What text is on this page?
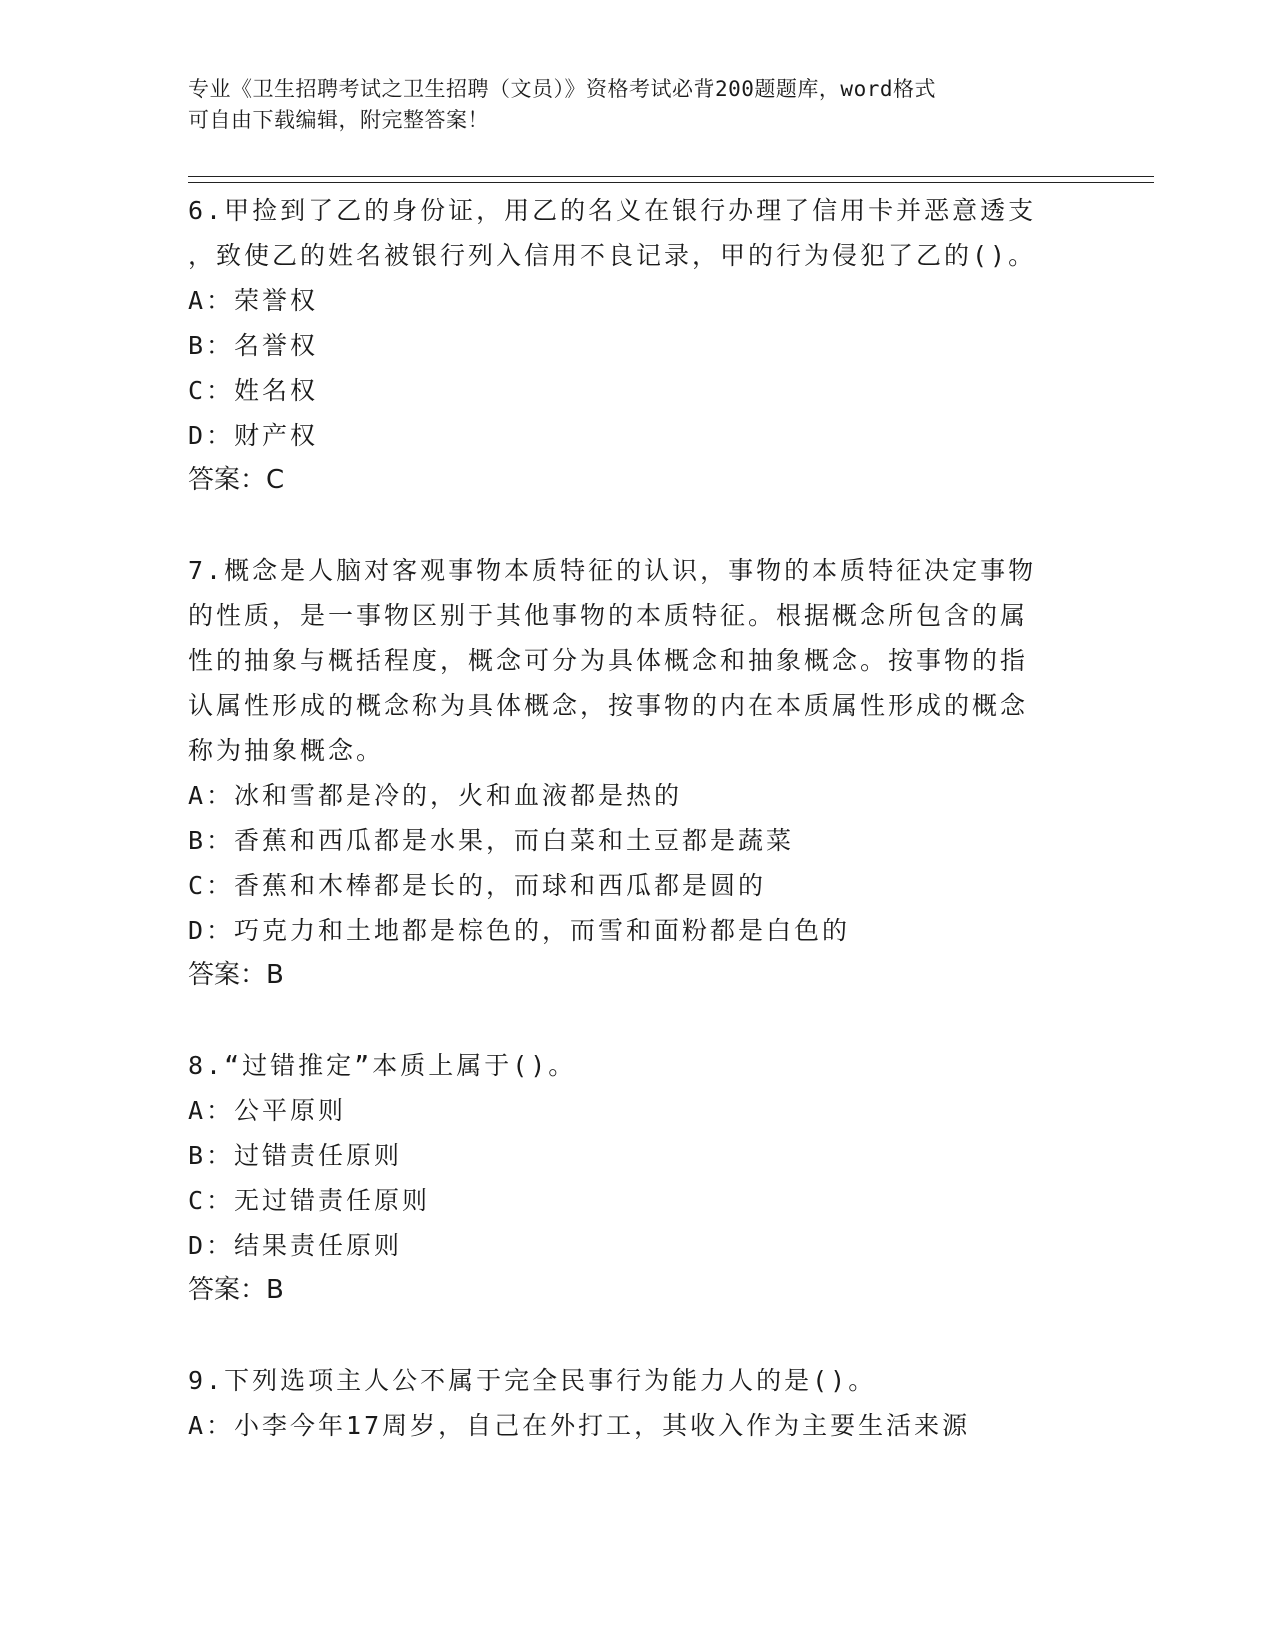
专业《卫生招聘考试之卫生招聘（文员）》资格考试必背200题题库，word格式
可自由下载编辑，附完整答案！
6.甲捡到了乙的身份证，用乙的名义在银行办理了信用卡并恶意透支
，致使乙的姓名被银行列入信用不良记录，甲的行为侵犯了乙的()。
A：荣誉权
B：名誉权
C：姓名权
D：财产权
答案：C
7.概念是人脑对客观事物本质特征的认识，事物的本质特征决定事物
的性质，是一事物区别于其他事物的本质特征。根据概念所包含的属
性的抽象与概括程度，概念可分为具体概念和抽象概念。按事物的指
认属性形成的概念称为具体概念，按事物的内在本质属性形成的概念
称为抽象概念。
A：冰和雪都是冷的，火和血液都是热的
B：香蕉和西瓜都是水果，而白菜和土豆都是蔬菜
C：香蕉和木棒都是长的，而球和西瓜都是圆的
D：巧克力和土地都是棕色的，而雪和面粉都是白色的
答案：B
8.“过错推定”本质上属于()。
A：公平原则
B：过错责任原则
C：无过错责任原则
D：结果责任原则
答案：B
9.下列选项主人公不属于完全民事行为能力人的是()。
A：小李今年17周岁，自己在外打工，其收入作为主要生活来源
